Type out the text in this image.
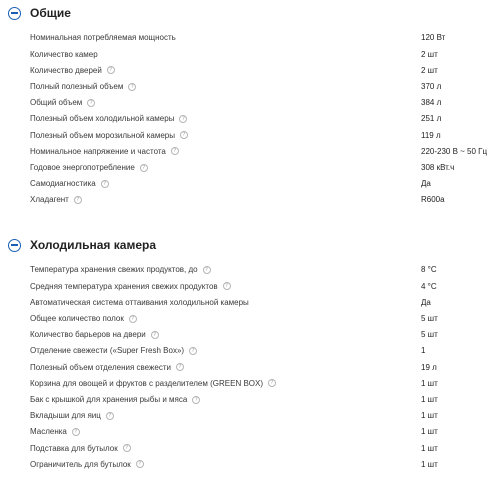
Общие
Номинальная потребляемая мощность	120 Вт
Количество камер	2 шт
Количество дверей	?	2 шт
Полный полезный объем	?	370 л
Общий объем	?	384 л
Полезный объем холодильной камеры	?	251 л
Полезный объем морозильной камеры	?	119 л
Номинальное напряжение и частота	?	220-230 В ~ 50 Гц
Годовое энергопотребление	?	308 кВт.ч
Самодиагностика	?	Да
Хладагент	?	R600a
Холодильная камера
Температура хранения свежих продуктов, до	?	8 °С
Средняя температура хранения свежих продуктов	?	4 °С
Автоматическая система оттаивания холодильной камеры	Да
Общее количество полок	?	5 шт
Количество барьеров на двери	?	5 шт
Отделение свежести («Super Fresh Box»)	?	1
Полезный объем отделения свежести	?	19 л
Корзина для овощей и фруктов с разделителем (GREEN BOX)	?	1 шт
Бак с крышкой для хранения рыбы и мяса	?	1 шт
Вкладыши для яиц	?	1 шт
Масленка	?	1 шт
Подставка для бутылок	?	1 шт
Ограничитель для бутылок	?	1 шт
